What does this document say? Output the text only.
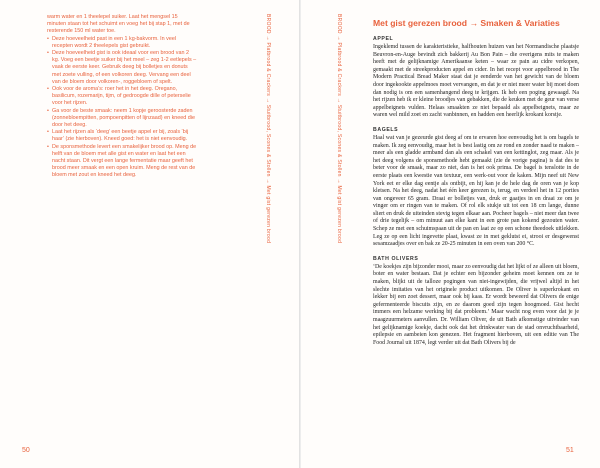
warm water en 1 theelepel suiker. Laat het mengsel 15 minuten staan tot het schuimt en voeg het bij stap 1, met de resterende 150 ml water toe.

• Deze hoeveelheid past in een 1 kg-bakvorm. In veel recepten wordt 2 theelepels gist gebruikt.

• Deze hoeveelheid gist is ook ideaal voor een brood van 2 kg. Voeg een beetje suiker bij het meel – zeg 1-2 eetlepels – vaak de eerste keer. Gebruik deeg bij bolletjes en donuts met zoete vulling, of een volkoren deeg. Vervang een deel van de bloem door volkoren-, roggebloem of spelt.

• Ook voor de aroma’s: roer het in het deeg. Oregano, basilicum, rozemarijn, tijm, of gedroogde dille of peterselie voor het rijzen.

• Ga voor de beste smaak: neem 1 kopje geroosterde zaden (zonnebloempitten, pompoenpitten of lijnzaad) en kneed die door het deeg.

• Laat het rijzen als ‘deeg’ een beetje appel er bij, zoals ‘bij haar’ (zie hierboven). Kneed goed: het is niet eenvoudig.

• De sponsmethode levert een smakelijker brood op. Meng de helft van de bloem met alle gist en water en laat het een nacht staan. Dit vergt een lange fermentatie maar geeft het brood meer smaak en een open kruim. Meng de rest van de bloem met zout en kneed het deeg.

50
BROOD → Platbrood & Crackers → Stuitbrood, Scones & Stollen → Met gist gerezen brood	BROOD → Platbrood & Crackers → Stuitbrood, Scones & Stollen → Met gist gerezen brood	Met gist gerezen brood → Smaken & Variaties
APPEL

Ingeklemd tussen de karakteristieke, halfhouten huizen van het Normandische plaatsje Beuvron-en-Auge bevindt zich bakkerij Au Bon Pain – die overigens mits te maken heeft met de gelijknamige Amerikaanse keten – waar ze pain au cidre verkopen, gemaakt met de streekproducten appel en cider. In het recept voor appelbrood in The Modern Practical Bread Maker staat dat je eenderde van het gewicht van de bloem door ingekookte appelmoes moet vervangen, en dat je er niet meer water bij moet doen dan nodig is om een samenhangend deeg te krijgen. Ik heb een poging gewaagd. Na het rijzen heb ik er kleine broodjes van gebakken, die de keuken met de geur van verse appelbeignets vulden. Helaas smaakten ze niet bepaald als appelbeignets, maar ze waren wel mild zoet en zacht vanbinnen, en hadden een heerlijk krokant korstje.

BAGELS

Haal wat van je gezeurde gist deeg af om te ervaren hoe eenvoudig het is om bagels te maken. Ik zeg eenvoudig, maar het is best lastig om ze rond en zonder naad te maken – meer als een gladde armband dan als een schakel van een kettinglot, zeg maar. Als je het deeg volgens de sponsmethode hebt gemaakt (zie de vorige pagina) is dat des te beter voor de smaak, maar zo niet, dan is het ook prima. De bagel is tenslotte in de eerste plaats een kwestie van textuur, een werk-out voor de kaken. Mijn neef uit New York eet er elke dag eentje als ontbijt, en hij kan je de hele dag de oren van je kop kletsen. Na het deeg, nadat het één keer gerezen is, terug, en verdeel het in 12 porties van ongeveer 65 gram. Draai er bolletjes van, druk er gaatjes in en draai ze om je vinger om er ringen van te maken. Of rol elk stukje uit tot een 18 cm lange, dunne sliert en druk de uiteinden stevig tegen elkaar aan. Pocheer bagels – niet meer dan twee of drie tegelijk – om minuut aan elke kant in een grote pan kokend gezouten water. Schep ze met een schuimspaan uit de pan en laat ze op een schone theedoek uitlekken. Leg ze op een licht ingevette plaat, kwast ze in met geklutst ei, strooi er desgewenst sesamzaadjes over en bak ze 20-25 minuten in een oven van 200 °C.

BATH OLIVERS

‘De koekjes zijn bijzonder mooi, maar zo eenvoudig dat het lijkt of ze alleen uit bloem, boter en water bestaan. Dat je echter een bijzonder geheim moet kennen om ze te maken, blijkt uit de talloze pogingen van niet-ingewijden, die vrijwel altijd in het slechte imitaties van het originele product uitkomen. De Oliver is superkrokant en lekker bij een zoet dessert, maar ook bij kaas. Er wordt beweerd dat Olivers de enige gefermenteerde biscuits zijn, en ze daarom goed zijn tegen hoogmoed. Gist hecht immers een helzame werking bij dat probleem.’ Maar wacht nog even voor dat je je maagzuurmeters aanvullen. Dr. William Oliver, de uit Bath afkomstige uitvinder van het gelijknamige koekje, dacht ook dat het drinkwater van de stad onvruchtbaarheid, epilepsie en aambeien kon genezen. Het fragment hierboven, uit een editie van The Food Journal uit 1874, legt verder uit dat Bath Olivers bij de

51
